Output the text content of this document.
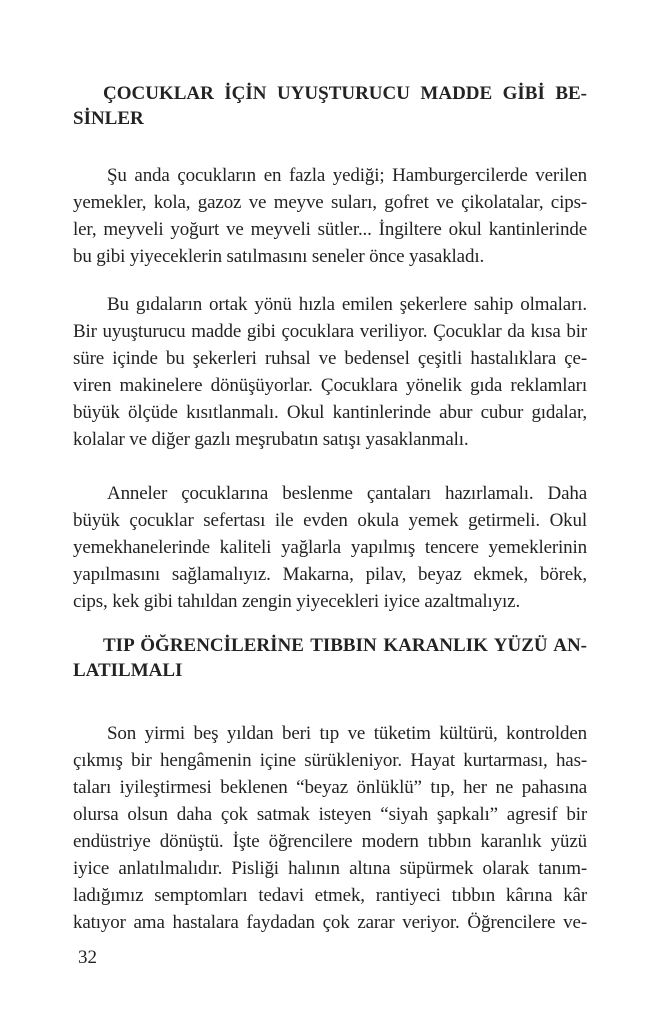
ÇOCUKLAR İÇİN UYUŞTURUCU MADDE GİBİ BE-
SİNLER
Şu anda çocukların en fazla yediği; Hamburgercilerde verilen
yemekler, kola, gazoz ve meyve suları, gofret ve çikolatalar, cips-
ler, meyveli yoğurt ve meyveli sütler... İngiltere okul kantinlerinde
bu gibi yiyeceklerin satılmasını seneler önce yasakladı.
Bu gıdaların ortak yönü hızla emilen şekerlere sahip olmaları.
Bir uyuşturucu madde gibi çocuklara veriliyor. Çocuklar da kısa bir
süre içinde bu şekerleri ruhsal ve bedensel çeşitli hastalıklara çe-
viren makinelere dönüşüyorlar. Çocuklara yönelik gıda reklamları
büyük ölçüde kısıtlanmalı. Okul kantinlerinde abur cubur gıdalar,
kolalar ve diğer gazlı meşrubatın satışı yasaklanmalı.
Anneler çocuklarına beslenme çantaları hazırlamalı. Daha
büyük çocuklar sefertası ile evden okula yemek getirmeli. Okul
yemekhanelerinde kaliteli yağlarla yapılmış tencere yemeklerinin
yapılmasını sağlamalıyız. Makarna, pilav, beyaz ekmek, börek,
cips, kek gibi tahıldan zengin yiyecekleri iyice azaltmalıyız.
TIP ÖĞRENCİLERİNE TIBBIN KARANLIK YÜZÜ AN-
LATILMALI
Son yirmi beş yıldan beri tıp ve tüketim kültürü, kontrolden
çıkmış bir hengâmenin içine sürükleniyor. Hayat kurtarması, has-
taları iyileştirmesi beklenen “beyaz önlüklü” tıp, her ne pahasına
olursa olsun daha çok satmak isteyen “siyah şapkalı” agresif bir
endüstriye dönüştü. İşte öğrencilere modern tıbbın karanlık yüzü
iyice anlatılmalıdır. Pisliği halının altına süpürmek olarak tanım-
ladığımız semptomları tedavi etmek, rantiyeci tıbbın kârına kâr
katıyor ama hastalara faydadan çok zarar veriyor. Öğrencilere ve-
32
